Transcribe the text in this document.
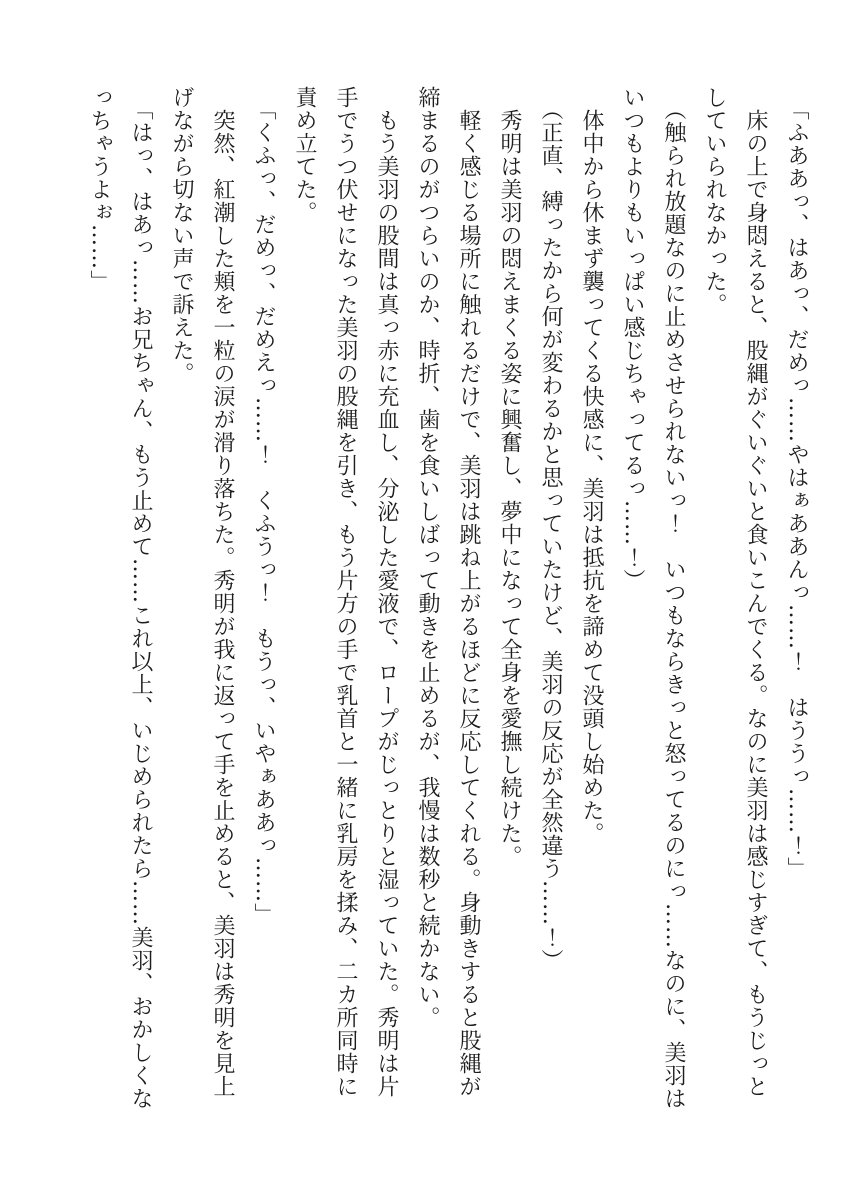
　「ふああっ、はあっ、だめっ……やはぁああんっ……！　はううっ……！」
　床の上で身悶えると、股縄がぐいぐいと食いこんでくる。なのに美羽は感じすぎて、もうじっと
していられなかった。
　（触られ放題なのに止めさせられないっ！　いつもならきっと怒ってるのにっ……なのに、美羽は
いつもよりもいっぱい感じちゃってるっ……！）
　体中から休まず襲ってくる快感に、美羽は抵抗を諦めて没頭し始めた。
　（正直、縛ったから何が変わるかと思っていたけど、美羽の反応が全然違う……！）
　秀明は美羽の悶えまくる姿に興奮し、夢中になって全身を愛撫し続けた。
　軽く感じる場所に触れるだけで、美羽は跳ね上がるほどに反応してくれる。身動きすると股縄が
締まるのがつらいのか、時折、歯を食いしばって動きを止めるが、我慢は数秒と続かない。
　もう美羽の股間は真っ赤に充血し、分泌した愛液で、ロープがじっとりと湿っていた。秀明は片
手でうつ伏せになった美羽の股縄を引き、もう片方の手で乳首と一緒に乳房を揉み、二カ所同時に
責め立てた。
　「くふっ、だめっ、だめえっ……！　くふうっ！　もうっ、いやぁああっ……」
　突然、紅潮した頬を一粒の涙が滑り落ちた。秀明が我に返って手を止めると、美羽は秀明を見上
げながら切ない声で訴えた。
　「はっ、はあっ……お兄ちゃん、もう止めて……これ以上、いじめられたら……美羽、おかしくな
っちゃうよぉ……」
